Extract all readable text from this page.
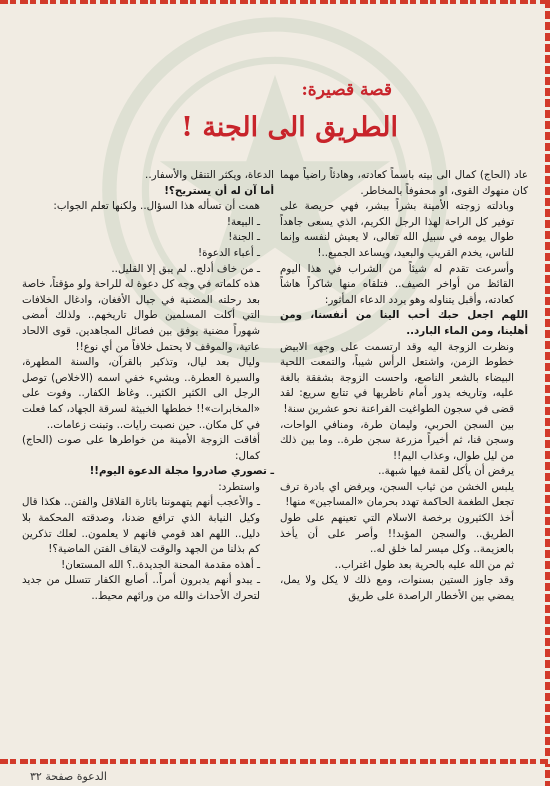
قصة قصيرة:
الطريق الى الجنة !

عاد (الحاج) كمال الى بيته باسماً كعادته، وهادئاً راضياً مهما كان منهوك القوى، او محفوفاً بالمخاطر.

وبادلته زوجته الأمينة بشراً ببشر، فهي حريصة على توفير كل الراحة لهذا الرجل الكريم، الذي يسعى جاهداً طوال يومه في سبيل الله تعالى، لا يعيش لنفسه وإنما للناس، يخدم القريب والبعيد، ويساعد الجميع..!

وأسرعت تقدم له شيئاً من الشراب في هذا اليوم القائظ من أواخر الصيف.. فتلقاه منها شاكراً هاشاً كعادته، وأقبل يتناوله وهو يردد الدعاء المأثور:

اللهم اجعل حبك أحب الينا من أنفسنا، ومن أهلينا، ومن الماء البارد..

ونظرت الزوجة اليه وقد ارتسمت على وجهه الابيض خطوط الزمن، واشتعل الرأس شيباً، والتمعت اللحية البيضاء بالشعر الناصع، واحست الزوجة بشفقة بالغة عليه، وتاريخه يدور أمام ناظريها في تتابع سريع: لقد قضى في سجون الطواغيت الفراعنة نحو عشرين سنة!

بين السجن الحربي، وليمان طرة، ومنافي الواحات، وسجن قنا، ثم أخيراً مزرعة سجن طرة.. وما بين ذلك من ليل طوال، وعذاب اليم!!

يرفض أن يأكل لقمة فيها شبهة..

يلبس الخشن من ثياب السجن، ويرفض اي بادرة ترف تجعل الطغمة الحاكمة تهدد بحرمان «المساجين» منها!

أخذ الكثيرون برخصة الاسلام التي تعينهم على طول الطريق.. والسجن المؤبد!! وأصر على أن يأخذ بالعزيمة.. وكل ميسر لما خلق له..

ثم من الله عليه بالحرية بعد طول اغتراب..

وقد جاوز الستين بسنوات، ومع ذلك لا يكل ولا يمل، يمضي بين الأخطار الراصدة على طريق

الدعاة، ويكثر التنقل والأسفار..

أما آن له أن يستريح؟!

همت أن تسأله هذا السؤال.. ولكنها تعلم الجواب:

ـ البيعة!

ـ الجنة!

ـ أعباء الدعوة!

ـ من خاف أدلج.. لم يبق إلا القليل..

هذه كلماته في وجه كل دعوة له للراحة ولو مؤقتاً، خاصة بعد رحلته المضنية في جبال الأفغان، وادغال الخلافات التي أكلت المسلمين طوال تاريخهم.. ولذلك أمضى شهوراً مضنية يوفق بين فصائل المجاهدين. قوى الالحاد عاتية، والموقف لا يحتمل خلافاً من أي نوع!!

وليال بعد ليال، وتذكير بالقرآن، والسنة المطهرة، والسيرة العطرة.. وبشيء خفي اسمه (الاخلاص) توصل الرجل الى الكثير الكثير.. وغاظ الكفار.. وفوت على «المخابرات»!! خططها الخبيثة لسرقة الجهاد، كما فعلت في كل مكان.. حين نصبت رايات.. وتبنت زعامات..

أفاقت الزوجة الأمينة من خواطرها على صوت (الحاج) كمال:

ـ تصوري صادروا مجلة الدعوة اليوم!!

واستطرد:

ـ والأعجب أنهم يتهموننا باثارة القلاقل والفتن.. هكذا قال وكيل النيابة الذي ترافع ضدنا، وصدقته المحكمة بلا دليل.. اللهم اهد قومي فانهم لا يعلمون.. لعلك تذكرين كم بذلنا من الجهد والوقت لايقاف الفتن الماضية؟!

ـ أهذه مقدمة المحنة الجديدة..؟ الله المستعان!

ـ يبدو أنهم يدبرون أمراً.. أصابع الكفار تتسلل من جديد لتحرك الأحداث والله من ورائهم محيط..

الدعوة صفحة ٣٢
